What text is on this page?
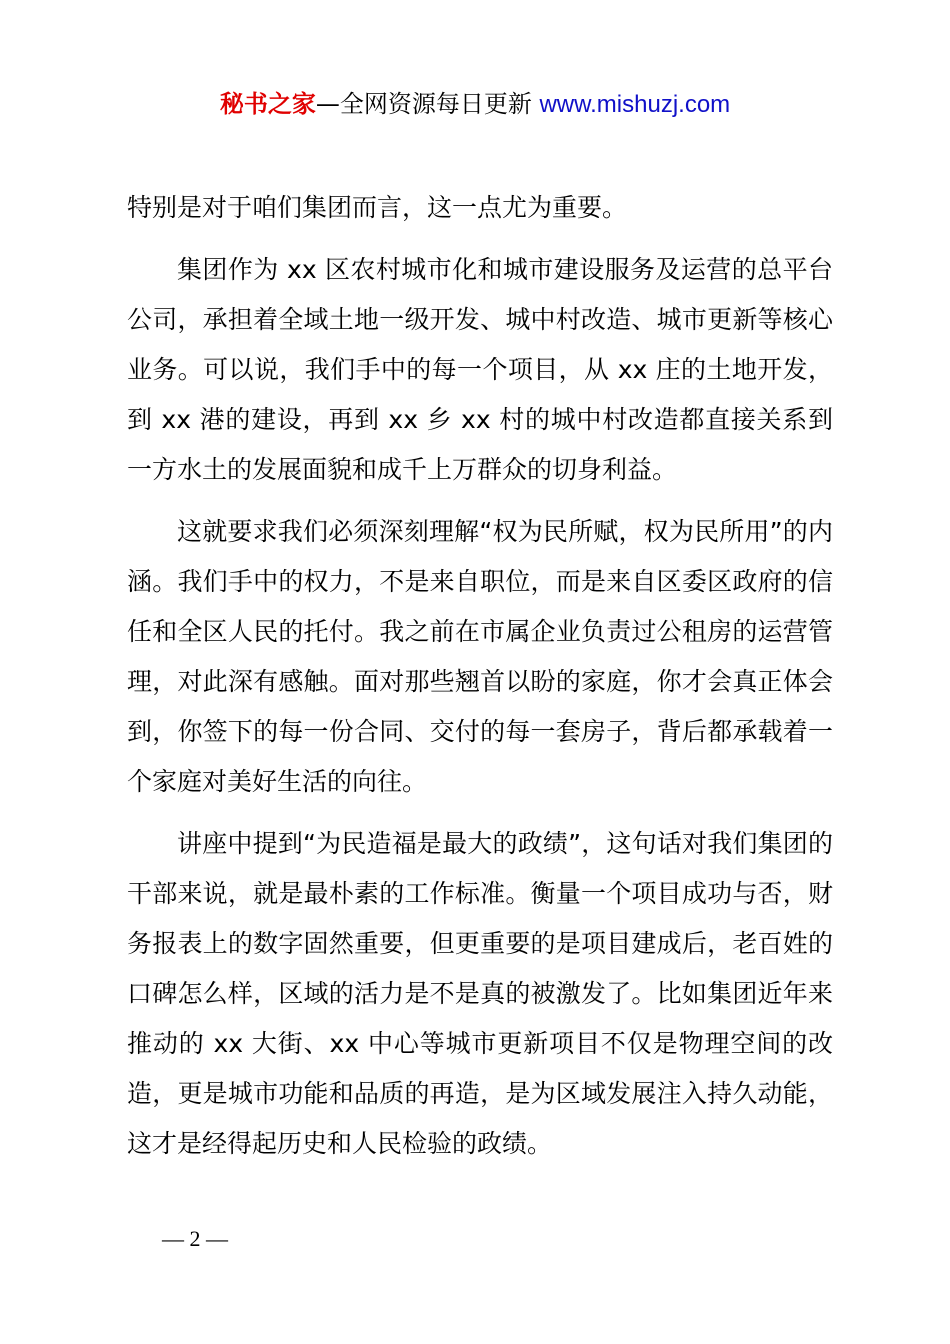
秘书之家—全网资源每日更新 www.mishuzj.com

特别是对于咱们集团而言，这一点尤为重要。

集团作为 xx 区农村城市化和城市建设服务及运营的总平台公司，承担着全域土地一级开发、城中村改造、城市更新等核心业务。可以说，我们手中的每一个项目，从 xx 庄的土地开发，到 xx 港的建设，再到 xx 乡 xx 村的城中村改造都直接关系到一方水土的发展面貌和成千上万群众的切身利益。

这就要求我们必须深刻理解“权为民所赋，权为民所用”的内涵。我们手中的权力，不是来自职位，而是来自区委区政府的信任和全区人民的托付。我之前在市属企业负责过公租房的运营管理，对此深有感触。面对那些翘首以盼的家庭，你才会真正体会到，你签下的每一份合同、交付的每一套房子，背后都承载着一个家庭对美好生活的向往。

讲座中提到“为民造福是最大的政绩”，这句话对我们集团的干部来说，就是最朴素的工作标准。衡量一个项目成功与否，财务报表上的数字固然重要，但更重要的是项目建成后，老百姓的口碑怎么样，区域的活力是不是真的被激发了。比如集团近年来推动的 xx 大街、xx 中心等城市更新项目不仅是物理空间的改造，更是城市功能和品质的再造，是为区域发展注入持久动能，这才是经得起历史和人民检验的政绩。

— 2 —
